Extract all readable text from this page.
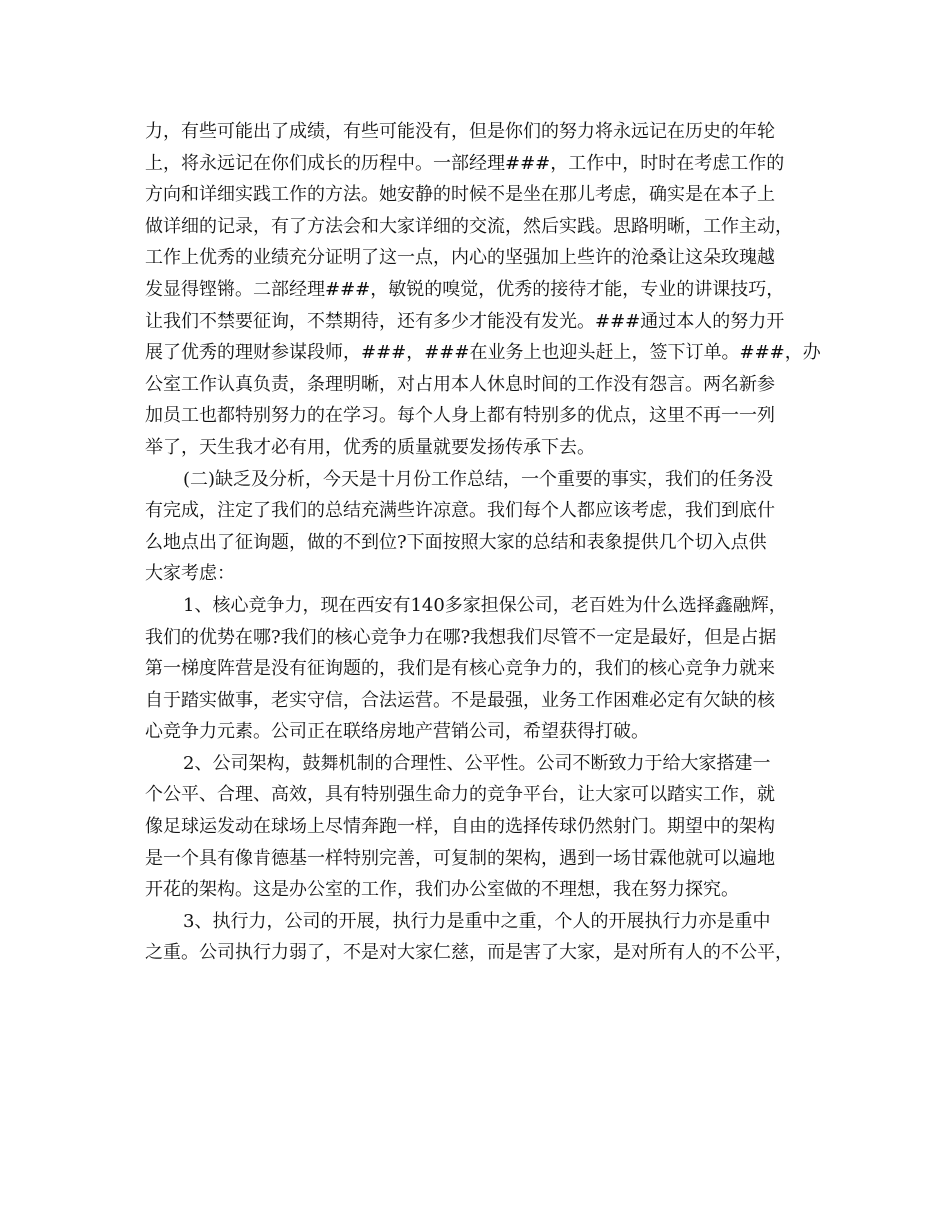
力，有些可能出了成绩，有些可能没有，但是你们的努力将永远记在历史的年轮
上，将永远记在你们成长的历程中。一部经理###，工作中，时时在考虑工作的
方向和详细实践工作的方法。她安静的时候不是坐在那儿考虑，确实是在本子上
做详细的记录，有了方法会和大家详细的交流，然后实践。思路明晰，工作主动，
工作上优秀的业绩充分证明了这一点，内心的坚强加上些许的沧桑让这朵玫瑰越
发显得铿锵。二部经理###，敏锐的嗅觉，优秀的接待才能，专业的讲课技巧，
让我们不禁要征询，不禁期待，还有多少才能没有发光。###通过本人的努力开
展了优秀的理财参谋段师，###，###在业务上也迎头赶上，签下订单。###，办
公室工作认真负责，条理明晰，对占用本人休息时间的工作没有怨言。两名新参
加员工也都特别努力的在学习。每个人身上都有特别多的优点，这里不再一一列
举了，天生我才必有用，优秀的质量就要发扬传承下去。
(二)缺乏及分析，今天是十月份工作总结，一个重要的事实，我们的任务没
有完成，注定了我们的总结充满些许凉意。我们每个人都应该考虑，我们到底什
么地点出了征询题，做的不到位?下面按照大家的总结和表象提供几个切入点供
大家考虑：
1、核心竞争力，现在西安有140多家担保公司，老百姓为什么选择鑫融辉，
我们的优势在哪?我们的核心竞争力在哪?我想我们尽管不一定是最好，但是占据
第一梯度阵营是没有征询题的，我们是有核心竞争力的，我们的核心竞争力就来
自于踏实做事，老实守信，合法运营。不是最强，业务工作困难必定有欠缺的核
心竞争力元素。公司正在联络房地产营销公司，希望获得打破。
2、公司架构，鼓舞机制的合理性、公平性。公司不断致力于给大家搭建一
个公平、合理、高效，具有特别强生命力的竞争平台，让大家可以踏实工作，就
像足球运发动在球场上尽情奔跑一样，自由的选择传球仍然射门。期望中的架构
是一个具有像肯德基一样特别完善，可复制的架构，遇到一场甘霖他就可以遍地
开花的架构。这是办公室的工作，我们办公室做的不理想，我在努力探究。
3、执行力，公司的开展，执行力是重中之重，个人的开展执行力亦是重中
之重。公司执行力弱了，不是对大家仁慈，而是害了大家，是对所有人的不公平，
